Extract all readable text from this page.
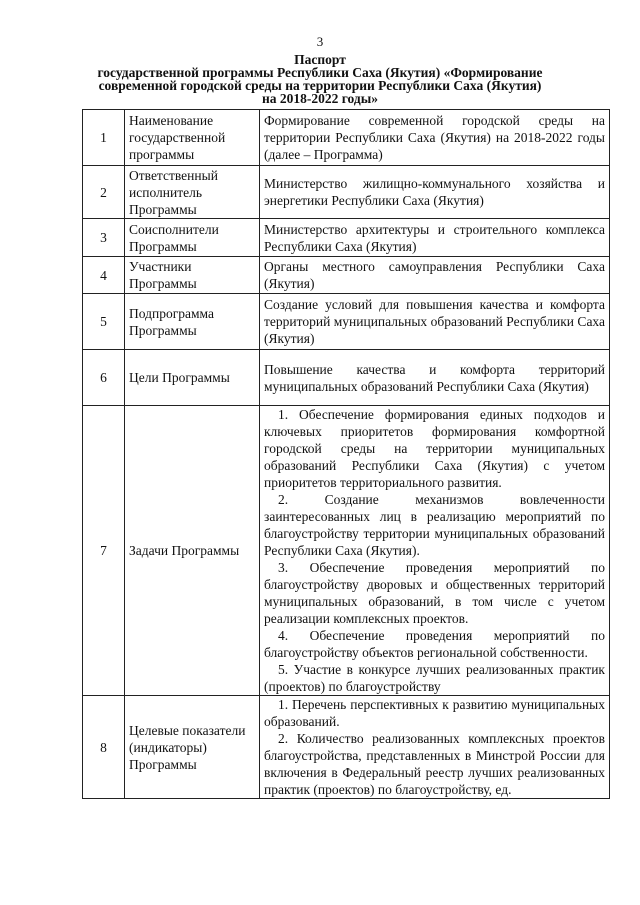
3
Паспорт
государственной программы Республики Саха (Якутия) «Формирование
современной городской среды на территории Республики Саха (Якутия)
на 2018-2022 годы»
1	Наименование государственной программы	Формирование современной городской среды на территории Республики Саха (Якутия) на 2018-2022 годы (далее – Программа)
2	Ответственный исполнитель Программы	Министерство жилищно-коммунального хозяйства и энергетики Республики Саха (Якутия)
3	Соисполнители Программы	Министерство архитектуры и строительного комплекса Республики Саха (Якутия)
4	Участники Программы	Органы местного самоуправления Республики Саха (Якутия)
5	Подпрограмма Программы	Создание условий для повышения качества и комфорта территорий муниципальных образований Республики Саха (Якутия)
6	Цели Программы	Повышение качества и комфорта территорий муниципальных образований Республики Саха (Якутия)
7	Задачи Программы	1. Обеспечение формирования единых подходов и ключевых приоритетов формирования комфортной городской среды на территории муниципальных образований Республики Саха (Якутия) с учетом приоритетов территориального развития.

2. Создание механизмов вовлеченности заинтересованных лиц в реализацию мероприятий по благоустройству территории муниципальных образований Республики Саха (Якутия).

3. Обеспечение проведения мероприятий по благоустройству дворовых и общественных территорий муниципальных образований, в том числе с учетом реализации комплексных проектов.

4. Обеспечение проведения мероприятий по благоустройству объектов региональной собственности.

5. Участие в конкурсе лучших реализованных практик (проектов) по благоустройству

8	Целевые показатели (индикаторы) Программы	1. Перечень перспективных к развитию муниципальных образований.

2. Количество реализованных комплексных проектов благоустройства, представленных в Минстрой России для включения в Федеральный реестр лучших реализованных практик (проектов) по благоустройству, ед.
